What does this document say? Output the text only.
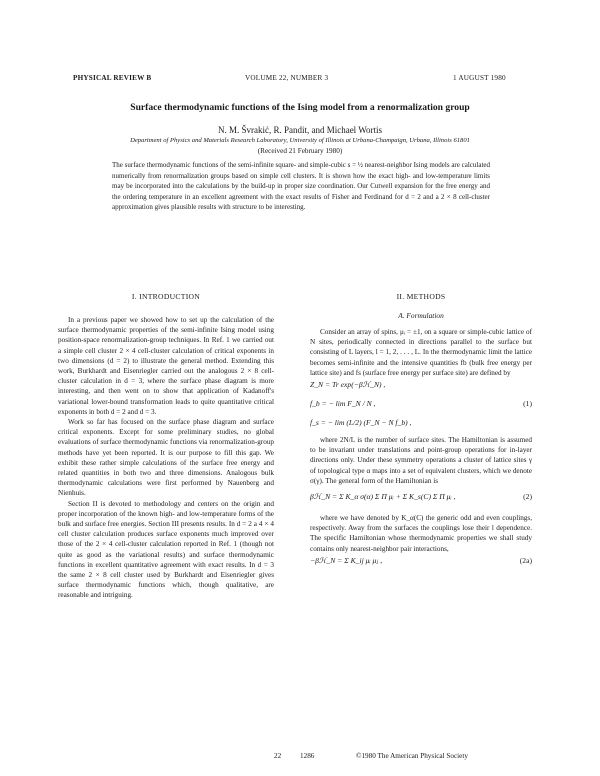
PHYSICAL REVIEW B	VOLUME 22, NUMBER 3	1 AUGUST 1980
Surface thermodynamic functions of the Ising model from a renormalization group
N. M. Švrakić, R. Pandit, and Michael Wortis
Department of Physics and Materials Research Laboratory, University of Illinois at Urbana-Champaign, Urbana, Illinois 61801
(Received 21 February 1980)

The surface thermodynamic functions of the semi-infinite square- and simple-cubic s = ½ nearest-neighbor Ising models are calculated numerically from renormalization groups based on simple cell clusters. It is shown how the exact high- and low-temperature limits may be incorporated into the calculations by the build-up in proper size coordination. Our Cutwell expansion for the free energy and the ordering temperature in an excellent agreement with the exact results of Fisher and Ferdinand for d = 2 and a 2 × 8 cell-cluster approximation gives plausible results with structure to be interesting.

I. INTRODUCTION

In a previous paper we showed how to set up the calculation of the surface thermodynamic properties of the semi-infinite Ising model using position-space renormalization-group techniques. In Ref. 1 we carried out a simple cell cluster 2 × 4 cell-cluster calculation of critical exponents in two dimensions (d = 2) to illustrate the general method. Extending this work, Burkhardt and Eisenriegler carried out the analogous 2 × 8 cell-cluster calculation in d = 3, where the surface phase diagram is more interesting, and then went on to show that application of Kadanoff's variational lower-bound transformation leads to quite quantitative critical exponents in both d = 2 and d = 3.

Work so far has focused on the surface phase diagram and surface critical exponents. Except for some preliminary studies, no global evaluations of surface thermodynamic functions via renormalization-group methods have yet been reported. It is our purpose to fill this gap. We exhibit these rather simple calculations of the surface free energy and related quantities in both two and three dimensions. Analogous bulk thermodynamic calculations were first performed by Nauenberg and Nienhuis.

Section II is devoted to methodology and centers on the origin and proper incorporation of the known high- and low-temperature forms of the bulk and surface free energies. Section III presents results. In d = 2 a 4 × 4 cell cluster calculation produces surface exponents much improved over those of the 2 × 4 cell-cluster calculation reported in Ref. 1 (though not quite as good as the variational results) and surface thermodynamic functions in excellent quantitative agreement with exact results. In d = 3 the same 2 × 8 cell cluster used by Burkhardt and Eisenriegler gives surface thermodynamic functions which, though qualitative, are reasonable and intriguing.

II. METHODS
A. Formulation

Consider an array of spins, μᵢ = ±1, on a square or simple-cubic lattice of N sites, periodically connected in directions parallel to the surface but consisting of L layers, l = 1, 2, . . . , L. In the thermodynamic limit the lattice becomes semi-infinite and the intensive quantities fb (bulk free energy per lattice site) and fs (surface free energy per surface site) are defined by

Z_N = Tr exp(−βℋ_N) ,
f_b = − lim F_N / N ,	(1)
f_s = − lim (L/2) (F_N − N f_b) ,

where 2N/L is the number of surface sites. The Hamiltonian is assumed to be invariant under translations and point-group operations for in-layer directions only. Under these symmetry operations a cluster of lattice sites γ of topological type α maps into a set of equivalent clusters, which we denote σ(γ). The general form of the Hamiltonian is

βℋ_N = Σ K_α σ(α) Σ Π μᵢ + Σ K_s(C) Σ Π μᵢ ,	(2)

where we have denoted by K_α(C) the generic odd and even couplings, respectively. Away from the surfaces the couplings lose their l dependence. The specific Hamiltonian whose thermodynamic properties we shall study contains only nearest-neighbor pair interactions,

−βℋ_N = Σ K_ij μᵢ μⱼ ,	(2a)
22	1286	©1980 The American Physical Society
